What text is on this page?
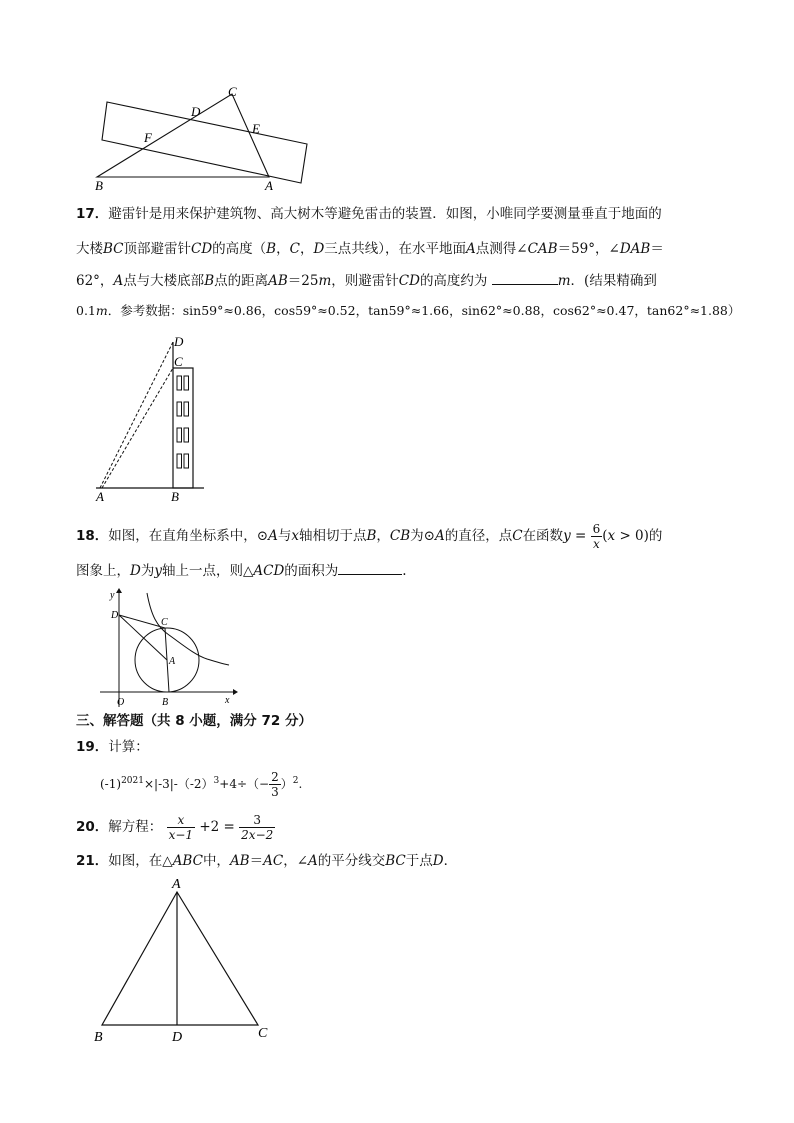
C
D
E
F
B	A
17．避雷针是用来保护建筑物、高大树木等避免雷击的装置．如图，小唯同学要测量垂直于地面的
大楼BC顶部避雷针CD的高度（B，C，D三点共线），在水平地面A点测得∠CAB＝59°，∠DAB＝
62°，A点与大楼底部B点的距离AB＝25m，则避雷针CD的高度约为	m．(结果精确到
0.1m．参考数据：sin59°≈0.86，cos59°≈0.52，tan59°≈1.66，sin62°≈0.88，cos62°≈0.47，tan62°≈1.88）
D
C
A	B
18．如图，在直角坐标系中，⊙A与x轴相切于点B，CB为⊙A的直径，点C在函数$y = \frac{6}{x} (x > 0)$的
图象上，D为y轴上一点，则△ACD的面积为	.
y
x
O	B
A
C
D
三、解答题（共 8 小题，满分 72 分）
19．计算：
$(-1)^{2021}\times|-3|-(-2)^3+4\div(- \frac{2}{3} )^2$.
20．解方程： $\frac{x}{x-1} +2 = \frac{3}{2x-2}$
21．如图，在△ABC中，AB＝AC，∠A的平分线交BC于点D．
A
B	D	C
